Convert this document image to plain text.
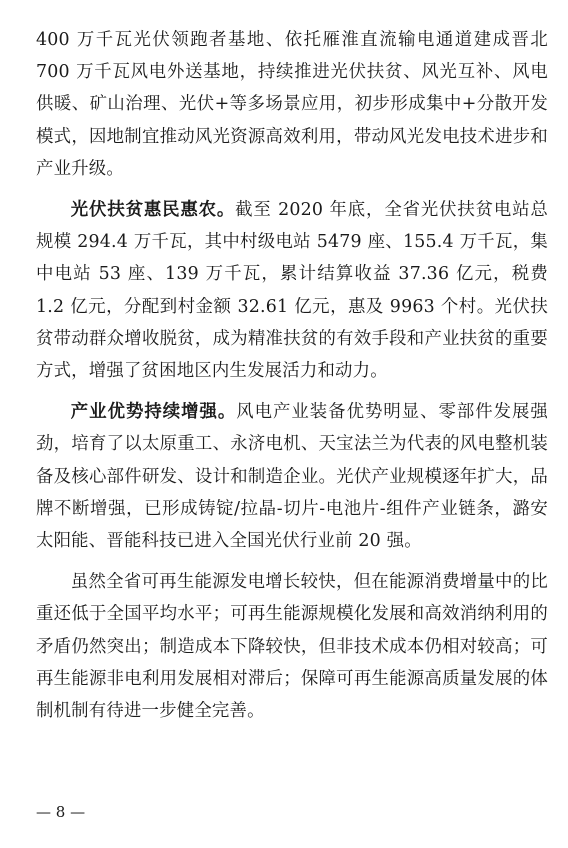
400 万千瓦光伏领跑者基地、依托雁淮直流输电通道建成晋北 700 万千瓦风电外送基地，持续推进光伏扶贫、风光互补、风电供暖、矿山治理、光伏+等多场景应用，初步形成集中+分散开发模式，因地制宜推动风光资源高效利用，带动风光发电技术进步和产业升级。

光伏扶贫惠民惠农。截至 2020 年底，全省光伏扶贫电站总规模 294.4 万千瓦，其中村级电站 5479 座、155.4 万千瓦，集中电站 53 座、139 万千瓦，累计结算收益 37.36 亿元，税费 1.2 亿元，分配到村金额 32.61 亿元，惠及 9963 个村。光伏扶贫带动群众增收脱贫，成为精准扶贫的有效手段和产业扶贫的重要方式，增强了贫困地区内生发展活力和动力。

产业优势持续增强。风电产业装备优势明显、零部件发展强劲，培育了以太原重工、永济电机、天宝法兰为代表的风电整机装备及核心部件研发、设计和制造企业。光伏产业规模逐年扩大，品牌不断增强，已形成铸锭/拉晶-切片-电池片-组件产业链条，潞安太阳能、晋能科技已进入全国光伏行业前 20 强。

虽然全省可再生能源发电增长较快，但在能源消费增量中的比重还低于全国平均水平；可再生能源规模化发展和高效消纳利用的矛盾仍然突出；制造成本下降较快，但非技术成本仍相对较高；可再生能源非电利用发展相对滞后；保障可再生能源高质量发展的体制机制有待进一步健全完善。

— 8 —
